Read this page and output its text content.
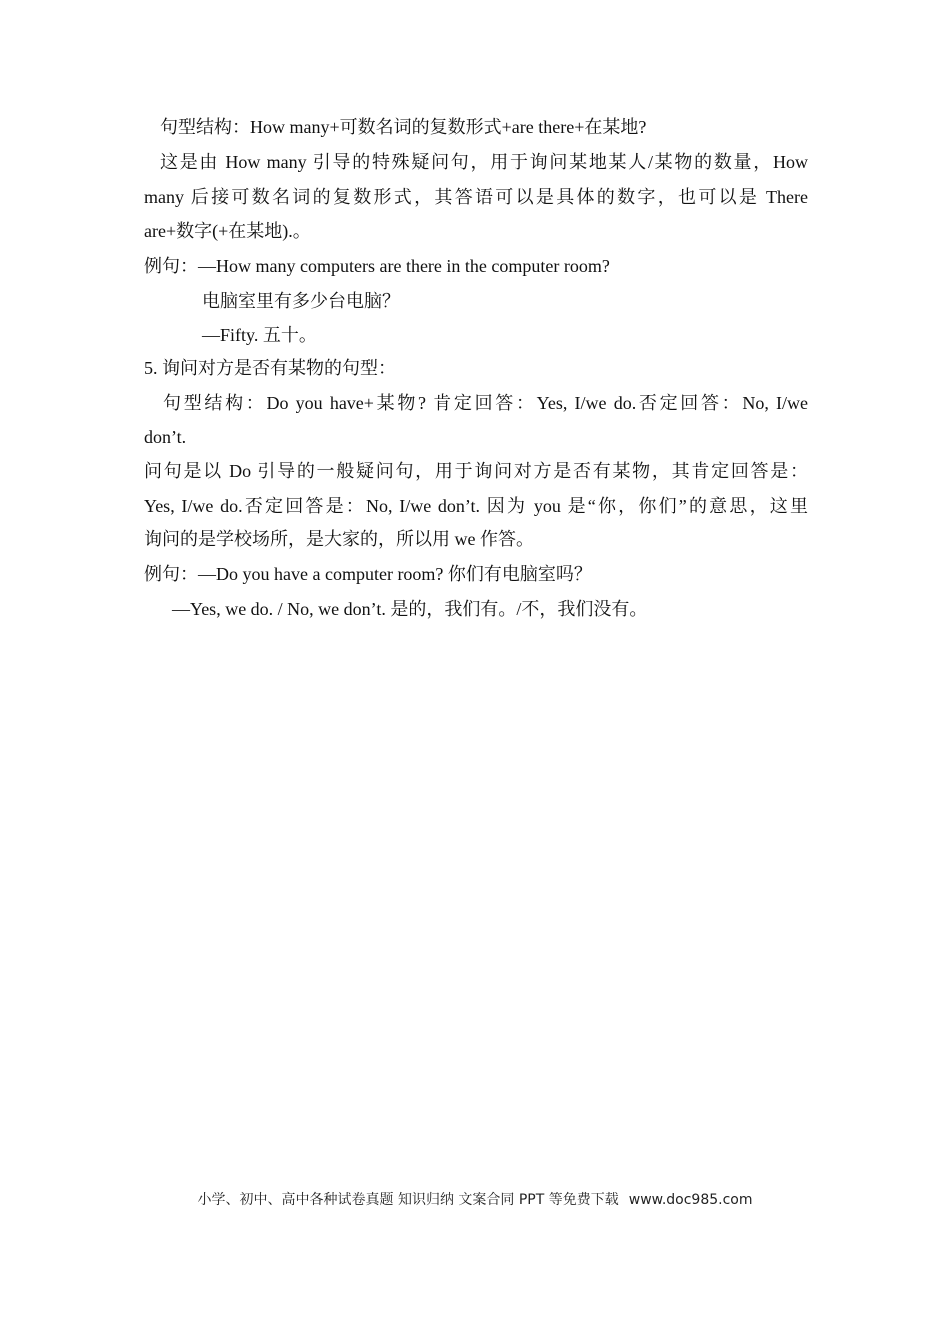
句型结构：How many+可数名词的复数形式+are there+在某地?
这是由 How many 引导的特殊疑问句，用于询问某地某人/某物的数量，How
many 后接可数名词的复数形式，其答语可以是具体的数字，也可以是 There
are+数字(+在某地).。
例句：—How many computers are there in the computer room?
电脑室里有多少台电脑？
—Fifty. 五十。
5. 询问对方是否有某物的句型：
句型结构：Do you have+某物? 肯定回答：Yes, I/we do.否定回答：No, I/we
don’t.
问句是以 Do 引导的一般疑问句，用于询问对方是否有某物，其肯定回答是：
Yes, I/we do.否定回答是：No, I/we don’t. 因为 you 是“你，你们”的意思，这里
询问的是学校场所，是大家的，所以用 we 作答。
例句：—Do you have a computer room? 你们有电脑室吗？
—Yes, we do. / No, we don’t. 是的，我们有。/不，我们没有。
小学、初中、高中各种试卷真题 知识归纳 文案合同 PPT 等免费下载 www.doc985.com
